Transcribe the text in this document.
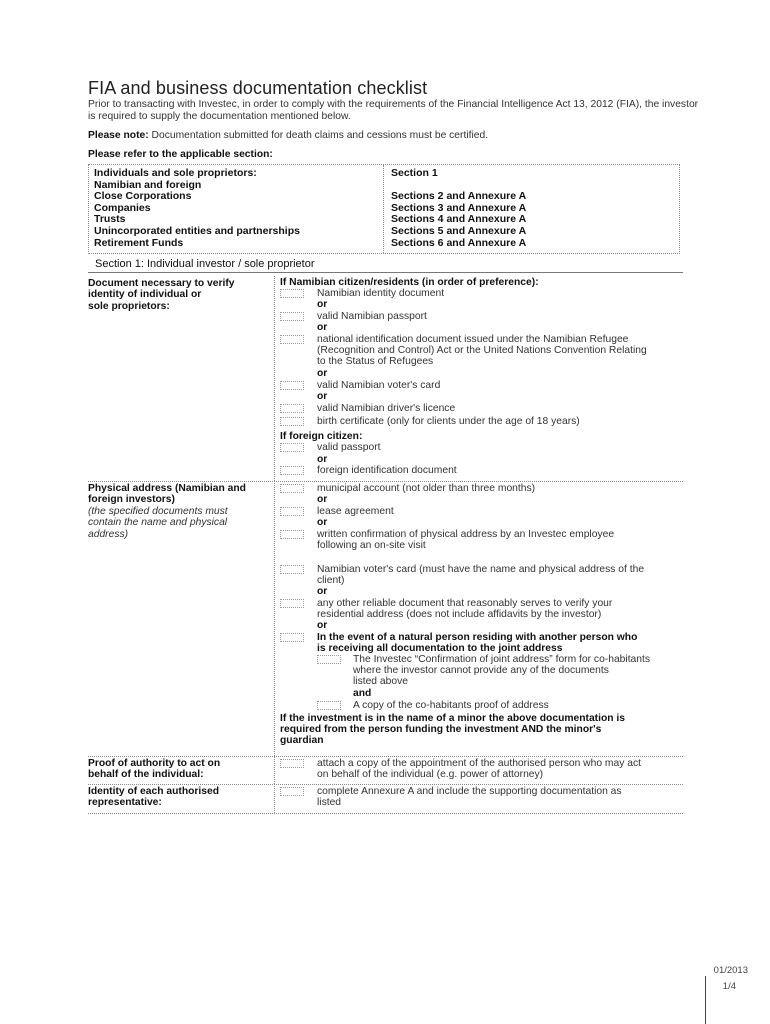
FIA and business documentation checklist
Prior to transacting with Investec, in order to comply with the requirements of the Financial Intelligence Act 13, 2012 (FIA), the investor is required to supply the documentation mentioned below.
Please note: Documentation submitted for death claims and cessions must be certified.
Please refer to the applicable section:
Individuals and sole proprietors:
Namibian and foreign
Close Corporations
Companies
Trusts
Unincorporated entities and partnerships
Retirement Funds
Section 1
Sections 2 and Annexure A
Sections 3 and Annexure A
Sections 4 and Annexure A
Sections 5 and Annexure A
Sections 6 and Annexure A
Section 1: Individual investor / sole proprietor
Document necessary to verify
identity of individual or
sole proprietors:
If Namibian citizen/residents (in order of preference):
Namibian identity document
or
valid Namibian passport
or
national identification document issued under the Namibian Refugee
(Recognition and Control) Act or the United Nations Convention Relating
to the Status of Refugees
or
valid Namibian voter's card
or
valid Namibian driver's licence
birth certificate (only for clients under the age of 18 years)
If foreign citizen:
valid passport
or
foreign identification document
Physical address (Namibian and
foreign investors)
(the specified documents must
contain the name and physical
address)
municipal account (not older than three months)
or
lease agreement
or
written confirmation of physical address by an Investec employee
following an on-site visit
Namibian voter's card (must have the name and physical address of the
client)
or
any other reliable document that reasonably serves to verify your
residential address (does not include affidavits by the investor)
or
In the event of a natural person residing with another person who
is receiving all documentation to the joint address
The Investec “Confirmation of joint address” form for co-habitants
where the investor cannot provide any of the documents
listed above
and
A copy of the co-habitants proof of address
If the investment is in the name of a minor the above documentation is
required from the person funding the investment AND the minor's
guardian
Proof of authority to act on
behalf of the individual:
attach a copy of the appointment of the authorised person who may act
on behalf of the individual (e.g. power of attorney)
Identity of each authorised
representative:
complete Annexure A and include the supporting documentation as
listed
01/2013
1/4
